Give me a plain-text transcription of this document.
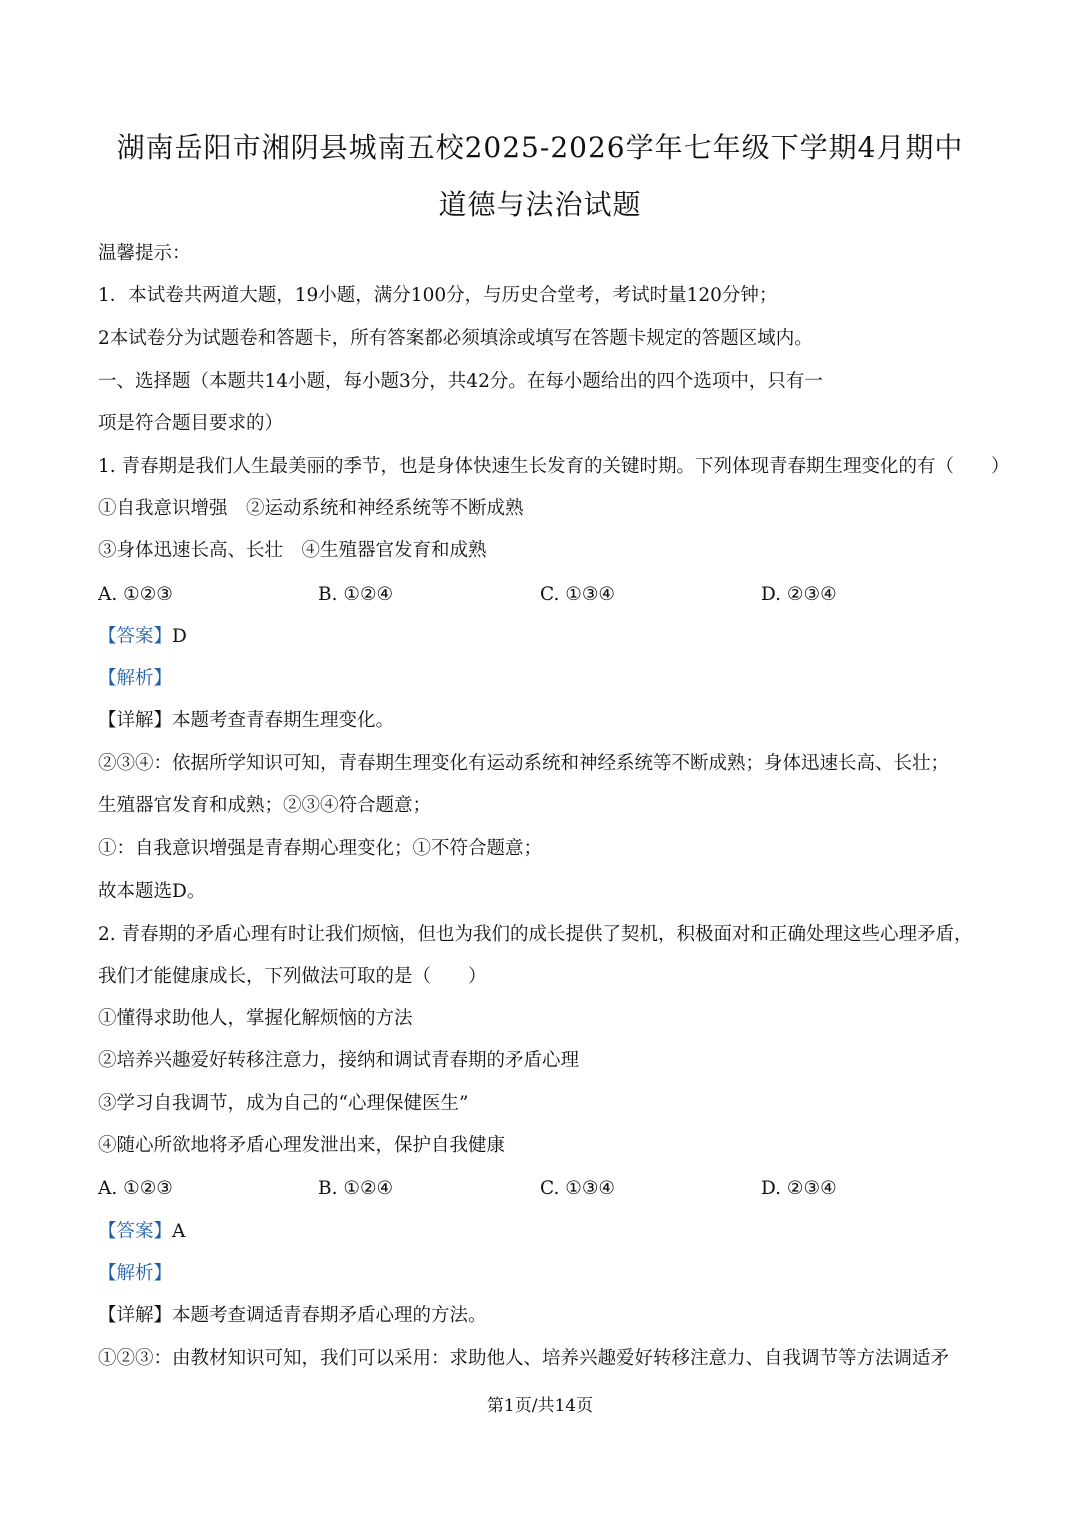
湖南岳阳市湘阴县城南五校2025-2026学年七年级下学期4月期中
道德与法治试题
温馨提示：
1．本试卷共两道大题，19小题，满分100分，与历史合堂考，考试时量120分钟；
2本试卷分为试题卷和答题卡，所有答案都必须填涂或填写在答题卡规定的答题区域内。
一、选择题（本题共14小题，每小题3分，共42分。在每小题给出的四个选项中，只有一
项是符合题目要求的）
1. 青春期是我们人生最美丽的季节，也是身体快速生长发育的关键时期。下列体现青春期生理变化的有（　　）
①自我意识增强　②运动系统和神经系统等不断成熟
③身体迅速长高、长壮　④生殖器官发育和成熟
A. ①②③	B. ①②④	C. ①③④	D. ②③④
【答案】D
【解析】
【详解】本题考查青春期生理变化。
②③④：依据所学知识可知，青春期生理变化有运动系统和神经系统等不断成熟；身体迅速长高、长壮；
生殖器官发育和成熟；②③④符合题意；
①：自我意识增强是青春期心理变化；①不符合题意；
故本题选D。
2. 青春期的矛盾心理有时让我们烦恼，但也为我们的成长提供了契机，积极面对和正确处理这些心理矛盾，
我们才能健康成长，下列做法可取的是（　　）
①懂得求助他人，掌握化解烦恼的方法
②培养兴趣爱好转移注意力，接纳和调试青春期的矛盾心理
③学习自我调节，成为自己的“心理保健医生”
④随心所欲地将矛盾心理发泄出来，保护自我健康
A. ①②③	B. ①②④	C. ①③④	D. ②③④
【答案】A
【解析】
【详解】本题考查调适青春期矛盾心理的方法。
①②③：由教材知识可知，我们可以采用：求助他人、培养兴趣爱好转移注意力、自我调节等方法调适矛
第1页/共14页
